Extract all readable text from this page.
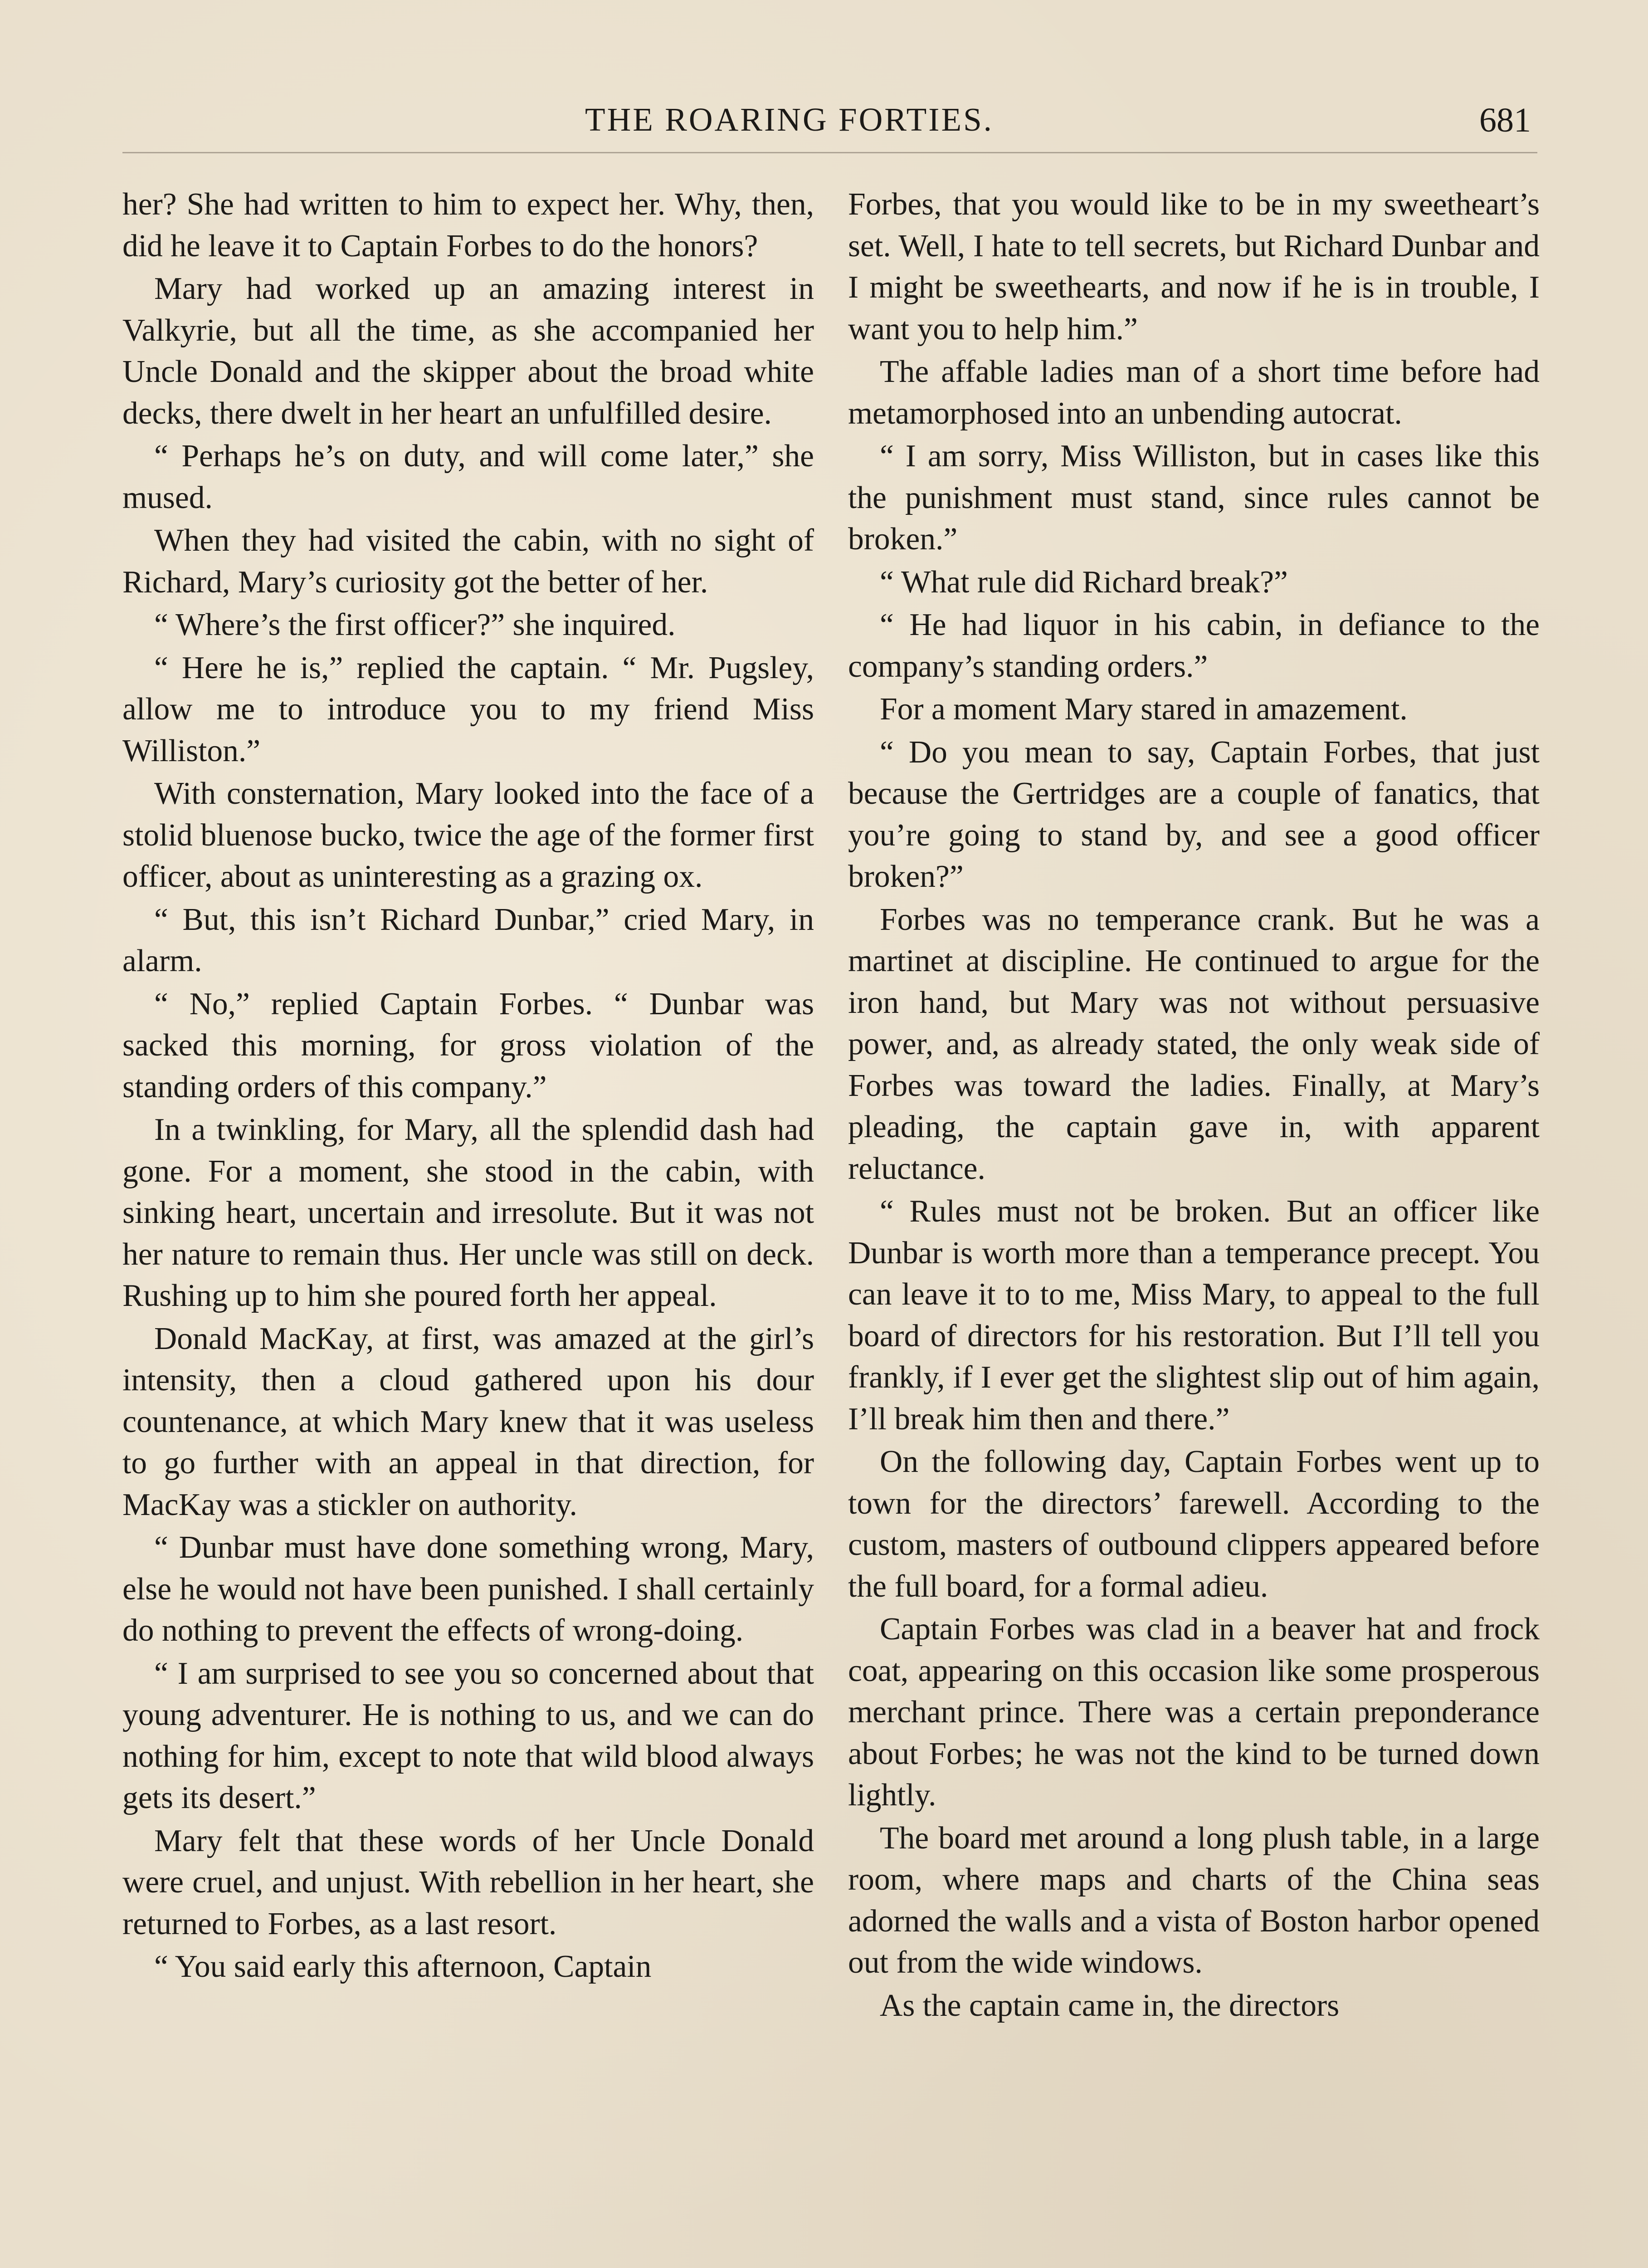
THE ROARING FORTIES.	681

her? She had written to him to expect her. Why, then, did he leave it to Captain Forbes to do the honors?

Mary had worked up an amazing interest in Valkyrie, but all the time, as she accompanied her Uncle Donald and the skipper about the broad white decks, there dwelt in her heart an unfulfilled desire.

“ Perhaps he’s on duty, and will come later,” she mused.

When they had visited the cabin, with no sight of Richard, Mary’s curiosity got the better of her.

“ Where’s the first officer?” she inquired.

“ Here he is,” replied the captain. “ Mr. Pugsley, allow me to introduce you to my friend Miss Williston.”

With consternation, Mary looked into the face of a stolid bluenose bucko, twice the age of the former first officer, about as uninteresting as a grazing ox.

“ But, this isn’t Richard Dunbar,” cried Mary, in alarm.

“ No,” replied Captain Forbes. “ Dunbar was sacked this morning, for gross violation of the standing orders of this company.”

In a twinkling, for Mary, all the splendid dash had gone. For a moment, she stood in the cabin, with sinking heart, uncertain and irresolute. But it was not her nature to remain thus. Her uncle was still on deck. Rushing up to him she poured forth her appeal.

Donald MacKay, at first, was amazed at the girl’s intensity, then a cloud gathered upon his dour countenance, at which Mary knew that it was useless to go further with an appeal in that direction, for MacKay was a stickler on authority.

“ Dunbar must have done something wrong, Mary, else he would not have been punished. I shall certainly do nothing to prevent the effects of wrong-doing.

“ I am surprised to see you so concerned about that young adventurer. He is nothing to us, and we can do nothing for him, except to note that wild blood always gets its desert.”

Mary felt that these words of her Uncle Donald were cruel, and unjust. With rebellion in her heart, she returned to Forbes, as a last resort.

“ You said early this afternoon, Captain

Forbes, that you would like to be in my sweetheart’s set. Well, I hate to tell secrets, but Richard Dunbar and I might be sweethearts, and now if he is in trouble, I want you to help him.”

The affable ladies man of a short time before had metamorphosed into an unbending autocrat.

“ I am sorry, Miss Williston, but in cases like this the punishment must stand, since rules cannot be broken.”

“ What rule did Richard break?”

“ He had liquor in his cabin, in defiance to the company’s standing orders.”

For a moment Mary stared in amazement.

“ Do you mean to say, Captain Forbes, that just because the Gertridges are a couple of fanatics, that you’re going to stand by, and see a good officer broken?”

Forbes was no temperance crank. But he was a martinet at discipline. He continued to argue for the iron hand, but Mary was not without persuasive power, and, as already stated, the only weak side of Forbes was toward the ladies. Finally, at Mary’s pleading, the captain gave in, with apparent reluctance.

“ Rules must not be broken. But an officer like Dunbar is worth more than a temperance precept. You can leave it to to me, Miss Mary, to appeal to the full board of directors for his restoration. But I’ll tell you frankly, if I ever get the slightest slip out of him again, I’ll break him then and there.”

On the following day, Captain Forbes went up to town for the directors’ farewell. According to the custom, masters of outbound clippers appeared before the full board, for a formal adieu.

Captain Forbes was clad in a beaver hat and frock coat, appearing on this occasion like some prosperous merchant prince. There was a certain preponderance about Forbes; he was not the kind to be turned down lightly.

The board met around a long plush table, in a large room, where maps and charts of the China seas adorned the walls and a vista of Boston harbor opened out from the wide windows.

As the captain came in, the directors
